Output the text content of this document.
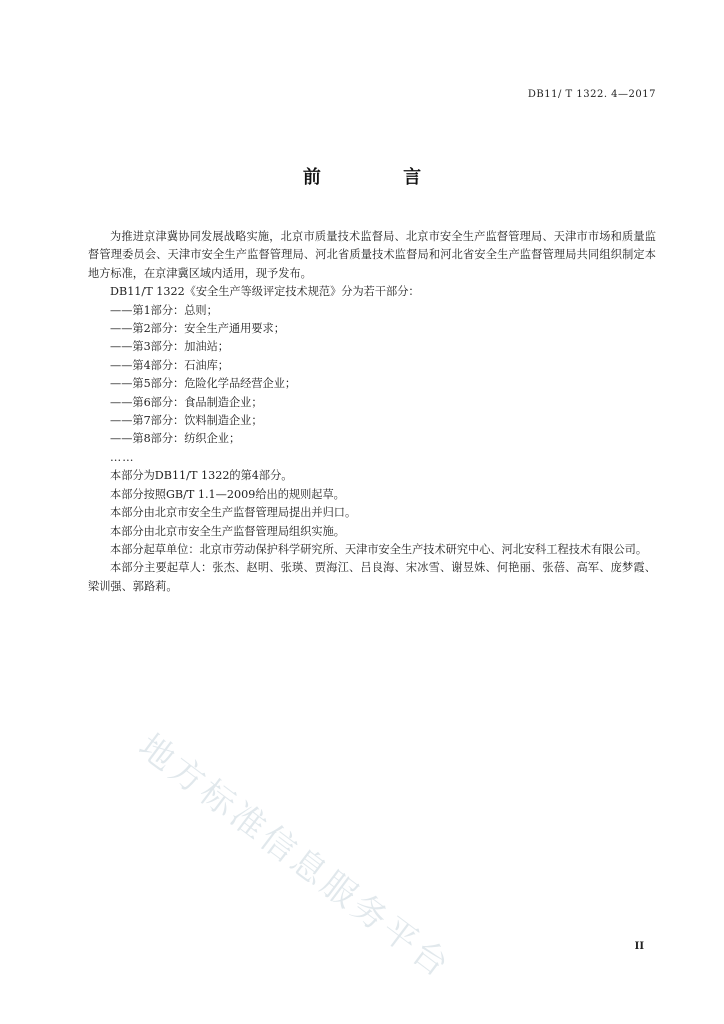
DB11/ T 1322. 4—2017
前 言

为推进京津冀协同发展战略实施，北京市质量技术监督局、北京市安全生产监督管理局、天津市市场和质量监督管理委员会、天津市安全生产监督管理局、河北省质量技术监督局和河北省安全生产监督管理局共同组织制定本地方标准，在京津冀区域内适用，现予发布。

DB11/T 1322《安全生产等级评定技术规范》分为若干部分：

——第1部分：总则；

——第2部分：安全生产通用要求；

——第3部分：加油站；

——第4部分：石油库；

——第5部分：危险化学品经营企业；

——第6部分：食品制造企业；

——第7部分：饮料制造企业；

——第8部分：纺织企业；

……

本部分为DB11/T 1322的第4部分。

本部分按照GB/T 1.1—2009给出的规则起草。

本部分由北京市安全生产监督管理局提出并归口。

本部分由北京市安全生产监督管理局组织实施。

本部分起草单位：北京市劳动保护科学研究所、天津市安全生产技术研究中心、河北安科工程技术有限公司。

本部分主要起草人：张杰、赵明、张瑛、贾海江、吕良海、宋冰雪、谢昱姝、何艳丽、张蓓、高军、庞梦霞、梁训强、郭路莉。

地方标准信息服务平台	II
